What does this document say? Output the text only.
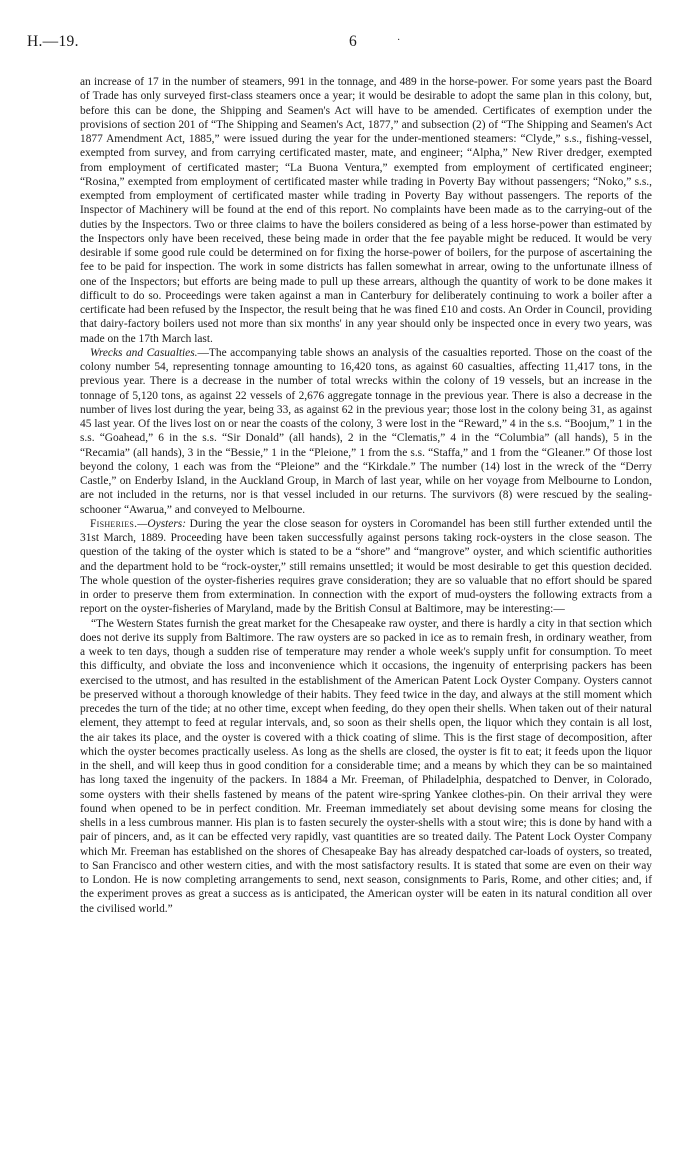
H.—19.	6	·

an increase of 17 in the number of steamers, 991 in the tonnage, and 489 in the horse-power. For some years past the Board of Trade has only surveyed first-class steamers once a year; it would be desirable to adopt the same plan in this colony, but, before this can be done, the Shipping and Seamen's Act will have to be amended. Certificates of exemption under the provisions of section 201 of “The Shipping and Seamen's Act, 1877,” and subsection (2) of “The Shipping and Seamen's Act 1877 Amendment Act, 1885,” were issued during the year for the under-mentioned steamers: “Clyde,” s.s., fishing-vessel, exempted from survey, and from carrying certificated master, mate, and engineer; “Alpha,” New River dredger, exempted from employment of certificated master; “La Buona Ventura,” exempted from employment of certificated engineer; “Rosina,” exempted from employment of certificated master while trading in Poverty Bay without passengers; “Noko,” s.s., exempted from employment of certificated master while trading in Poverty Bay without passengers. The reports of the Inspector of Machinery will be found at the end of this report. No complaints have been made as to the carrying-out of the duties by the Inspectors. Two or three claims to have the boilers considered as being of a less horse-power than estimated by the Inspectors only have been received, these being made in order that the fee payable might be reduced. It would be very desirable if some good rule could be determined on for fixing the horse-power of boilers, for the purpose of ascertaining the fee to be paid for inspection. The work in some districts has fallen somewhat in arrear, owing to the unfortunate illness of one of the Inspectors; but efforts are being made to pull up these arrears, although the quantity of work to be done makes it difficult to do so. Proceedings were taken against a man in Canterbury for deliberately continuing to work a boiler after a certificate had been refused by the Inspector, the result being that he was fined £10 and costs. An Order in Council, providing that dairy-factory boilers used not more than six months' in any year should only be inspected once in every two years, was made on the 17th March last.

Wrecks and Casualties.—The accompanying table shows an analysis of the casualties reported. Those on the coast of the colony number 54, representing tonnage amounting to 16,420 tons, as against 60 casualties, affecting 11,417 tons, in the previous year. There is a decrease in the number of total wrecks within the colony of 19 vessels, but an increase in the tonnage of 5,120 tons, as against 22 vessels of 2,676 aggregate tonnage in the previous year. There is also a decrease in the number of lives lost during the year, being 33, as against 62 in the previous year; those lost in the colony being 31, as against 45 last year. Of the lives lost on or near the coasts of the colony, 3 were lost in the “Reward,” 4 in the s.s. “Boojum,” 1 in the s.s. “Goahead,” 6 in the s.s. “Sir Donald” (all hands), 2 in the “Clematis,” 4 in the “Columbia” (all hands), 5 in the “Recamia” (all hands), 3 in the “Bessie,” 1 in the “Pleione,” 1 from the s.s. “Staffa,” and 1 from the “Gleaner.” Of those lost beyond the colony, 1 each was from the “Pleione” and the “Kirkdale.” The number (14) lost in the wreck of the “Derry Castle,” on Enderby Island, in the Auckland Group, in March of last year, while on her voyage from Melbourne to London, are not included in the returns, nor is that vessel included in our returns. The survivors (8) were rescued by the sealing-schooner “Awarua,” and conveyed to Melbourne.

Fisheries.—Oysters: During the year the close season for oysters in Coromandel has been still further extended until the 31st March, 1889. Proceeding have been taken successfully against persons taking rock-oysters in the close season. The question of the taking of the oyster which is stated to be a “shore” and “mangrove” oyster, and which scientific authorities and the department hold to be “rock-oyster,” still remains unsettled; it would be most desirable to get this question decided. The whole question of the oyster-fisheries requires grave consideration; they are so valuable that no effort should be spared in order to preserve them from extermination. In connection with the export of mud-oysters the following extracts from a report on the oyster-fisheries of Maryland, made by the British Consul at Baltimore, may be interesting:—

“The Western States furnish the great market for the Chesapeake raw oyster, and there is hardly a city in that section which does not derive its supply from Baltimore. The raw oysters are so packed in ice as to remain fresh, in ordinary weather, from a week to ten days, though a sudden rise of temperature may render a whole week's supply unfit for consumption. To meet this difficulty, and obviate the loss and inconvenience which it occasions, the ingenuity of enterprising packers has been exercised to the utmost, and has resulted in the establishment of the American Patent Lock Oyster Company. Oysters cannot be preserved without a thorough knowledge of their habits. They feed twice in the day, and always at the still moment which precedes the turn of the tide; at no other time, except when feeding, do they open their shells. When taken out of their natural element, they attempt to feed at regular intervals, and, so soon as their shells open, the liquor which they contain is all lost, the air takes its place, and the oyster is covered with a thick coating of slime. This is the first stage of decomposition, after which the oyster becomes practically useless. As long as the shells are closed, the oyster is fit to eat; it feeds upon the liquor in the shell, and will keep thus in good condition for a considerable time; and a means by which they can be so maintained has long taxed the ingenuity of the packers. In 1884 a Mr. Freeman, of Philadelphia, despatched to Denver, in Colorado, some oysters with their shells fastened by means of the patent wire-spring Yankee clothes-pin. On their arrival they were found when opened to be in perfect condition. Mr. Freeman immediately set about devising some means for closing the shells in a less cumbrous manner. His plan is to fasten securely the oyster-shells with a stout wire; this is done by hand with a pair of pincers, and, as it can be effected very rapidly, vast quantities are so treated daily. The Patent Lock Oyster Company which Mr. Freeman has established on the shores of Chesapeake Bay has already despatched car-loads of oysters, so treated, to San Francisco and other western cities, and with the most satisfactory results. It is stated that some are even on their way to London. He is now completing arrangements to send, next season, consignments to Paris, Rome, and other cities; and, if the experiment proves as great a success as is anticipated, the American oyster will be eaten in its natural condition all over the civilised world.”
